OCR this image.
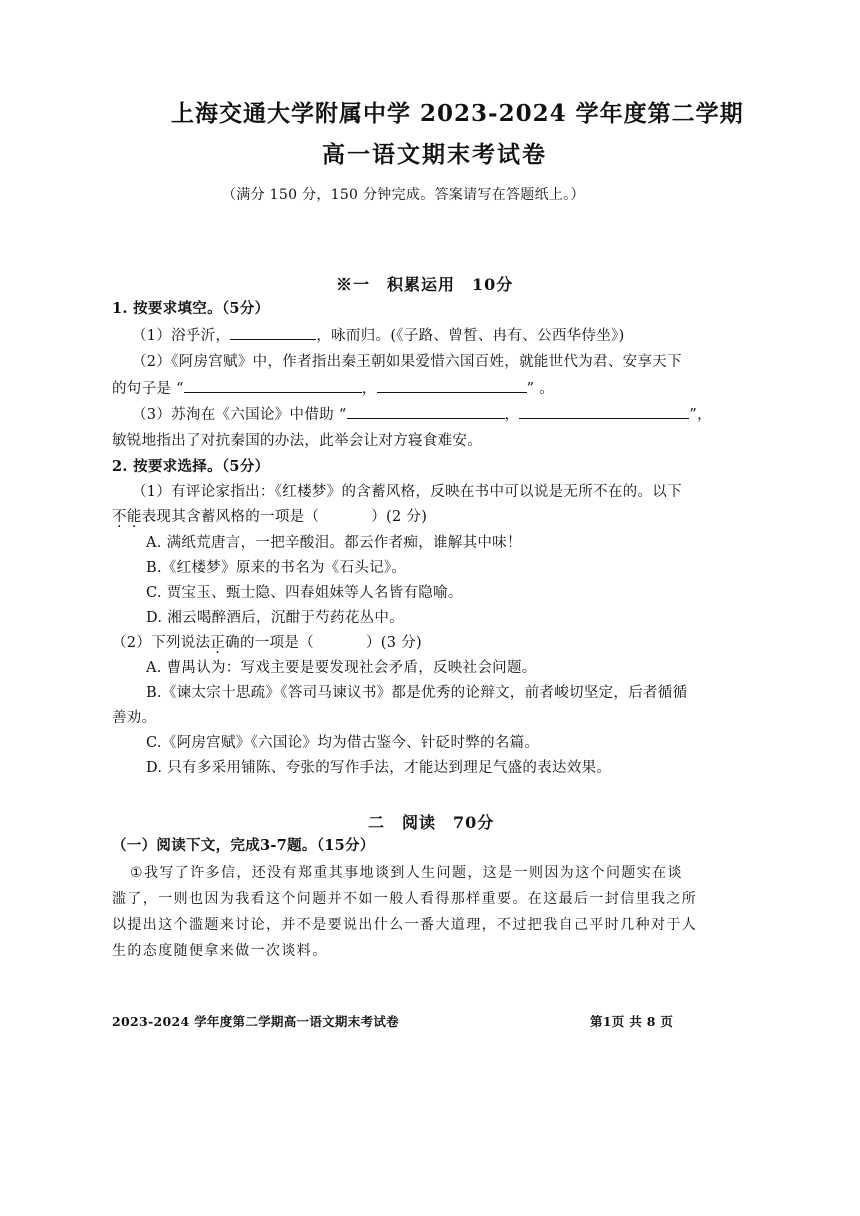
上海交通大学附属中学 2023-2024 学年度第二学期
高一语文期末考试卷
（满分 150 分，150 分钟完成。答案请写在答题纸上。）
※一　积累运用　10分
1. 按要求填空。（5分）
（1）浴乎沂，	，咏而归。(《子路、曾皙、冉有、公西华侍坐》)
（2）《阿房宫赋》中，作者指出秦王朝如果爱惜六国百姓，就能世代为君、安享天下
的句子是 “	，	” 。
（3）苏洵在《六国论》中借助 “	，	”，
敏锐地指出了对抗秦国的办法，此举会让对方寝食难安。
2. 按要求选择。（5分）
（1）有评论家指出：《红楼梦》的含蓄风格，反映在书中可以说是无所不在的。以下
不能表现其含蓄风格的一项是（	）(2 分)
A. 满纸荒唐言，一把辛酸泪。都云作者痴，谁解其中味！
B.《红楼梦》原来的书名为《石头记》。
C. 贾宝玉、甄士隐、四春姐妹等人名皆有隐喻。
D. 湘云喝醉酒后，沉酣于芍药花丛中。
（2）下列说法正确的一项是（	）(3 分)
A. 曹禺认为：写戏主要是要发现社会矛盾，反映社会问题。
B.《谏太宗十思疏》《答司马谏议书》都是优秀的论辩文，前者峻切坚定，后者循循
善劝。
C.《阿房宫赋》《六国论》均为借古鉴今、针砭时弊的名篇。
D. 只有多采用铺陈、夸张的写作手法，才能达到理足气盛的表达效果。
二　阅读　70分
（一）阅读下文，完成3-7题。（15分）
①我写了许多信，还没有郑重其事地谈到人生问题，这是一则因为这个问题实在谈
滥了，一则也因为我看这个问题并不如一般人看得那样重要。在这最后一封信里我之所
以提出这个滥题来讨论，并不是要说出什么一番大道理，不过把我自己平时几种对于人
生的态度随便拿来做一次谈料。
2023-2024 学年度第二学期高一语文期末考试卷	第1页 共 8 页
